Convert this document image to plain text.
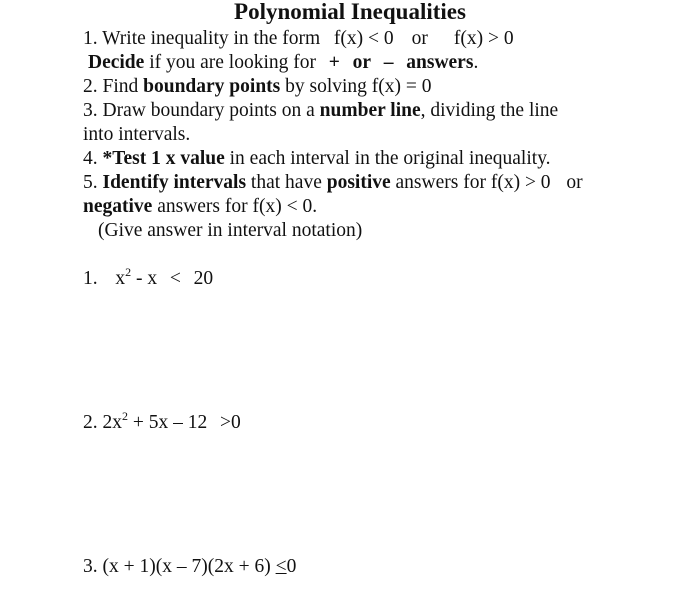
Polynomial Inequalities
1. Write inequality in the form f(x) < 0 or f(x) > 0
Decide if you are looking for + or – answers.
2. Find boundary points by solving f(x) = 0
3. Draw boundary points on a number line, dividing the line
into intervals.
4. *Test 1 x value in each interval in the original inequality.
5. Identify intervals that have positive answers for f(x) > 0 or
negative answers for f(x) < 0.
(Give answer in interval notation)
1. $x^2 - x < 20$
2. $2x^2 + 5x - 12 >0$
3. (x + 1)(x – 7)(2x + 6) <0
